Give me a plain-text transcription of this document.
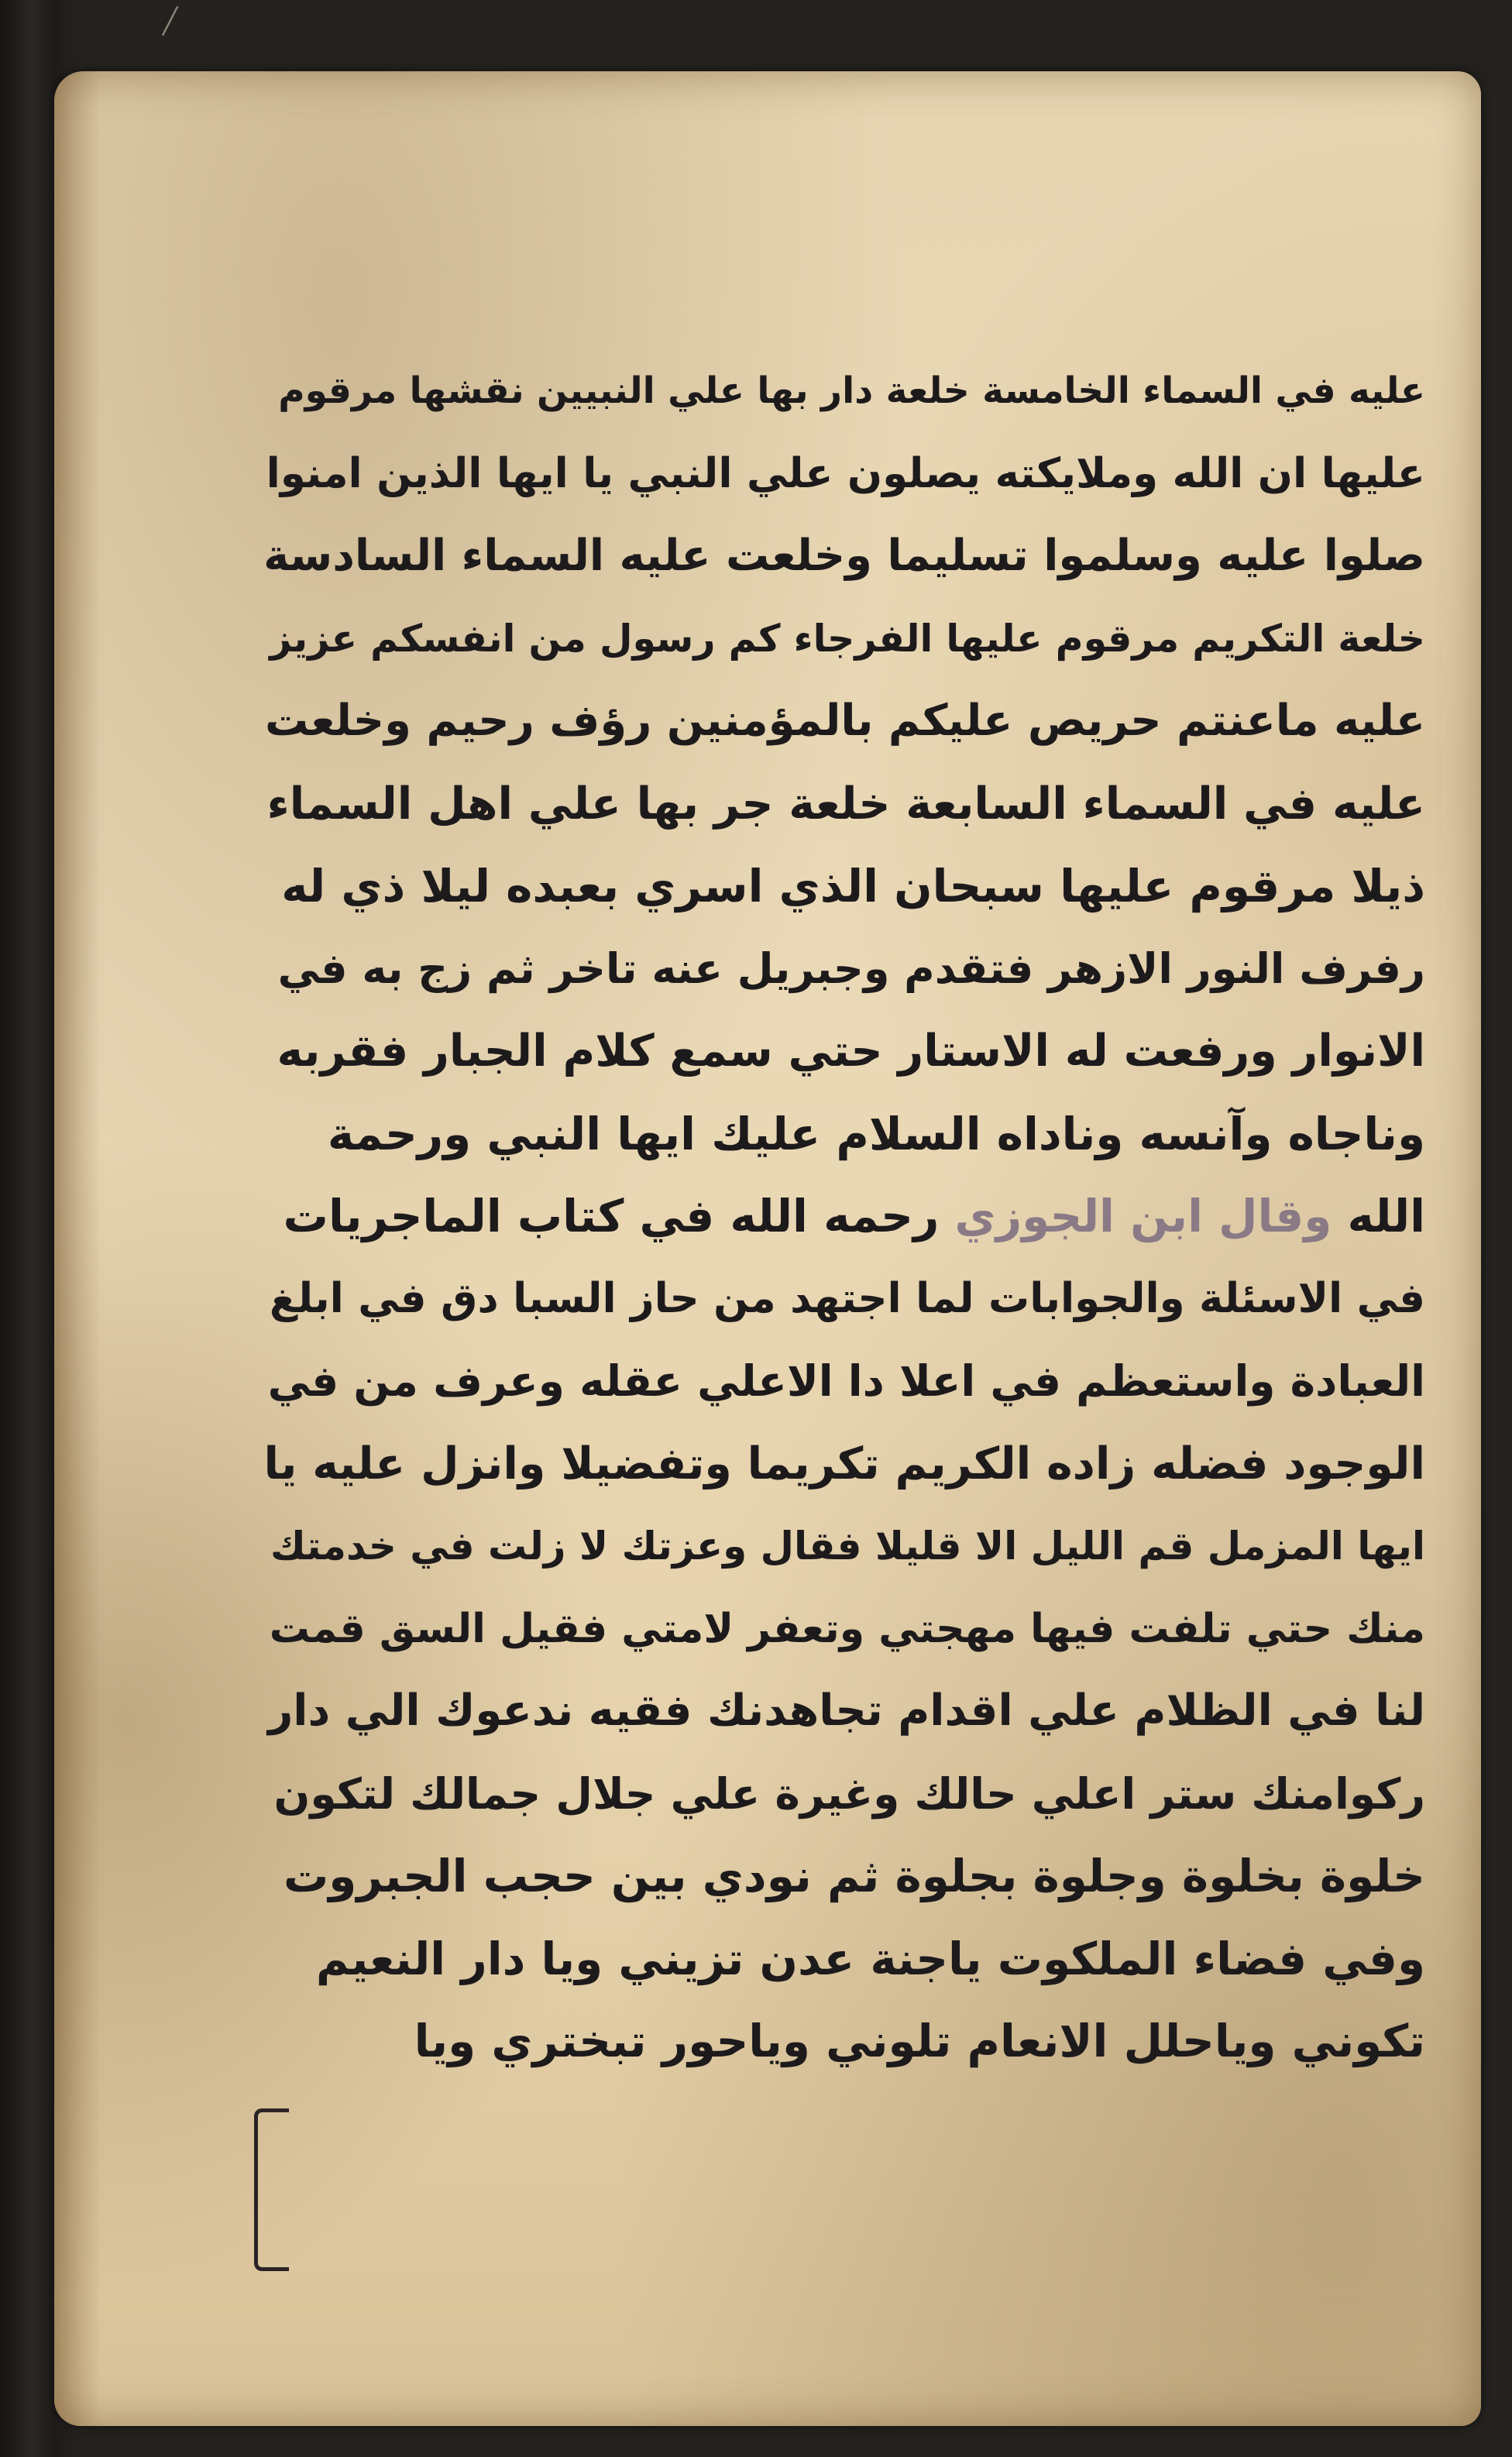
╱
عليه في السماء الخامسة خلعة دار بها علي النبيين نقشها مرقوم
عليها ان الله وملايكته يصلون علي النبي يا ايها الذين امنوا
صلوا عليه وسلموا تسليما وخلعت عليه السماء السادسة
خلعة التكريم مرقوم عليها الفرجاء كم رسول من انفسكم عزيز
عليه ماعنتم حريص عليكم بالمؤمنين رؤف رحيم وخلعت
عليه في السماء السابعة خلعة جر بها علي اهل السماء
ذيلا مرقوم عليها سبحان الذي اسري بعبده ليلا ذي له
رفرف النور الازهر فتقدم وجبريل عنه تاخر ثم زج به في
الانوار ورفعت له الاستار حتي سمع كلام الجبار فقربه
وناجاه وآنسه وناداه السلام عليك ايها النبي ورحمة
الله وقال ابن الجوزي رحمه الله في كتاب الماجريات
في الاسئلة والجوابات لما اجتهد من حاز السبا دق في ابلغ
العبادة واستعظم في اعلا دا الاعلي عقله وعرف من في
الوجود فضله زاده الكريم تكريما وتفضيلا وانزل عليه يا
ايها المزمل قم الليل الا قليلا فقال وعزتك لا زلت في خدمتك
منك حتي تلفت فيها مهجتي وتعفر لامتي فقيل السق قمت
لنا في الظلام علي اقدام تجاهدنك فقيه ندعوك الي دار
ركوامنك ستر اعلي حالك وغيرة علي جلال جمالك لتكون
خلوة بخلوة وجلوة بجلوة ثم نودي بين حجب الجبروت
وفي فضاء الملكوت ياجنة عدن تزيني ويا دار النعيم
تكوني وياحلل الانعام تلوني وياحور تبختري ويا
